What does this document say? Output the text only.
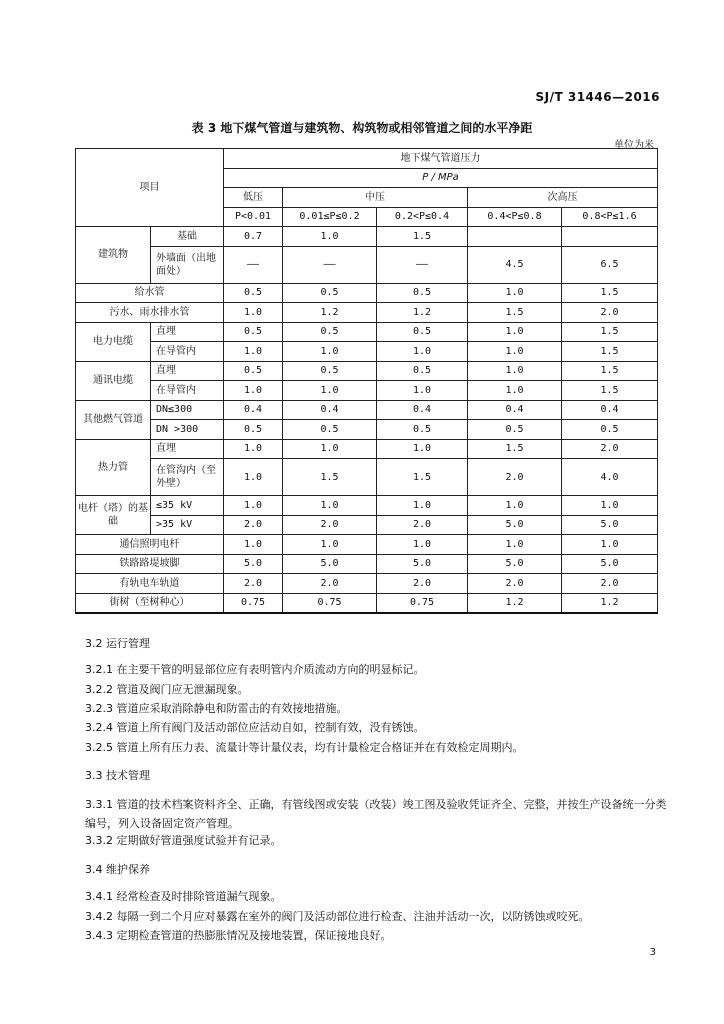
SJ/T 31446—2016
表 3 地下煤气管道与建筑物、构筑物或相邻管道之间的水平净距
单位为米
项目		地下煤气管道压力				
		P / MPa				
		低压	中压		次高压	
		P<0.01	0.01≤P≤0.2	0.2<P≤0.4	0.4<P≤0.8	0.8<P≤1.6
建筑物	基础	0.7	1.0	1.5		
	外墙面（出地面处）	——	——	——	4.5	6.5
给水管		0.5	0.5	0.5	1.0	1.5
污水、雨水排水管		1.0	1.2	1.2	1.5	2.0
电力电缆	直埋	0.5	0.5	0.5	1.0	1.5
	在导管内	1.0	1.0	1.0	1.0	1.5
通讯电缆	直埋	0.5	0.5	0.5	1.0	1.5
	在导管内	1.0	1.0	1.0	1.0	1.5
其他燃气管道	DN≤300	0.4	0.4	0.4	0.4	0.4
	DN >300	0.5	0.5	0.5	0.5	0.5
热力管	直埋	1.0	1.0	1.0	1.5	2.0
	在管沟内（至外壁）	1.0	1.5	1.5	2.0	4.0
电杆（塔）的基础	≤35 kV	1.0	1.0	1.0	1.0	1.0
	>35 kV	2.0	2.0	2.0	5.0	5.0
通信照明电杆		1.0	1.0	1.0	1.0	1.0
铁路路堤坡脚		5.0	5.0	5.0	5.0	5.0
有轨电车轨道		2.0	2.0	2.0	2.0	2.0
街树（至树种心）		0.75	0.75	0.75	1.2	1.2
3.2 运行管理
3.2.1 在主要干管的明显部位应有表明管内介质流动方向的明显标记。
3.2.2 管道及阀门应无泄漏现象。
3.2.3 管道应采取消除静电和防雷击的有效接地措施。
3.2.4 管道上所有阀门及活动部位应活动自如，控制有效，没有锈蚀。
3.2.5 管道上所有压力表、流量计等计量仪表，均有计量检定合格证并在有效检定周期内。
3.3 技术管理
3.3.1 管道的技术档案资料齐全、正确，有管线图或安装（改装）竣工图及验收凭证齐全、完整，并按生产设备统一分类编号，列入设备固定资产管理。
3.3.2 定期做好管道强度试验并有记录。
3.4 维护保养
3.4.1 经常检查及时排除管道漏气现象。
3.4.2 每隔一到二个月应对暴露在室外的阀门及活动部位进行检查、注油并活动一次，以防锈蚀或咬死。
3.4.3 定期检查管道的热膨胀情况及接地装置，保证接地良好。
3
